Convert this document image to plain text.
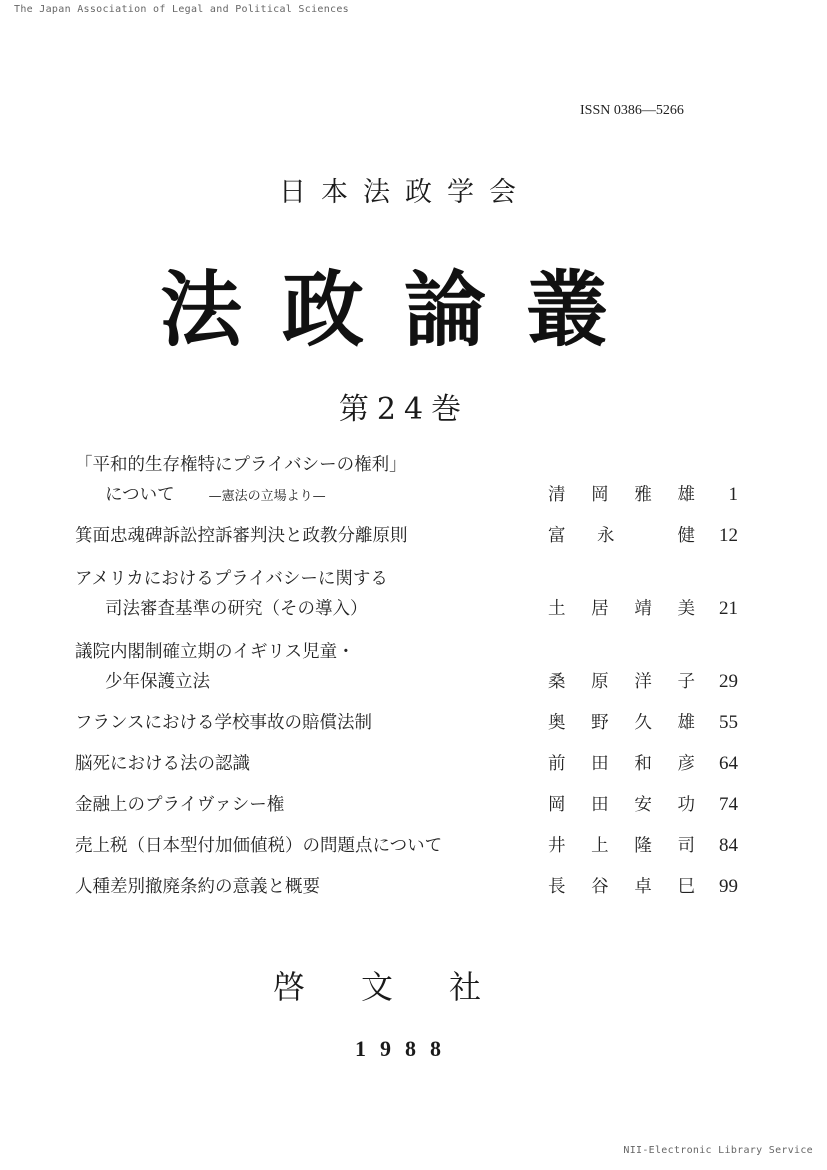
The Japan Association of Legal and Political Sciences
ISSN 0386—5266
日本法政学会
法政論叢
第24巻
「平和的生存権特にプライバシーの権利」
について	—憲法の立場より—	清 岡 雅 雄 1
箕面忠魂碑訴訟控訴審判決と政教分離原則	富 永	健 12
アメリカにおけるプライバシーに関する
司法審査基準の研究（その導入）	土 居 靖 美 21
議院内閣制確立期のイギリス児童・
少年保護立法	桑 原 洋 子 29
フランスにおける学校事故の賠償法制	奥 野 久 雄 55
脳死における法の認識	前 田 和 彦 64
金融上のプライヴァシー権	岡 田 安 功 74
売上税（日本型付加価値税）の問題点について	井 上 隆 司 84
人種差別撤廃条約の意義と概要	長 谷 卓 巳 99
啓文社
1988
NII-Electronic Library Service
